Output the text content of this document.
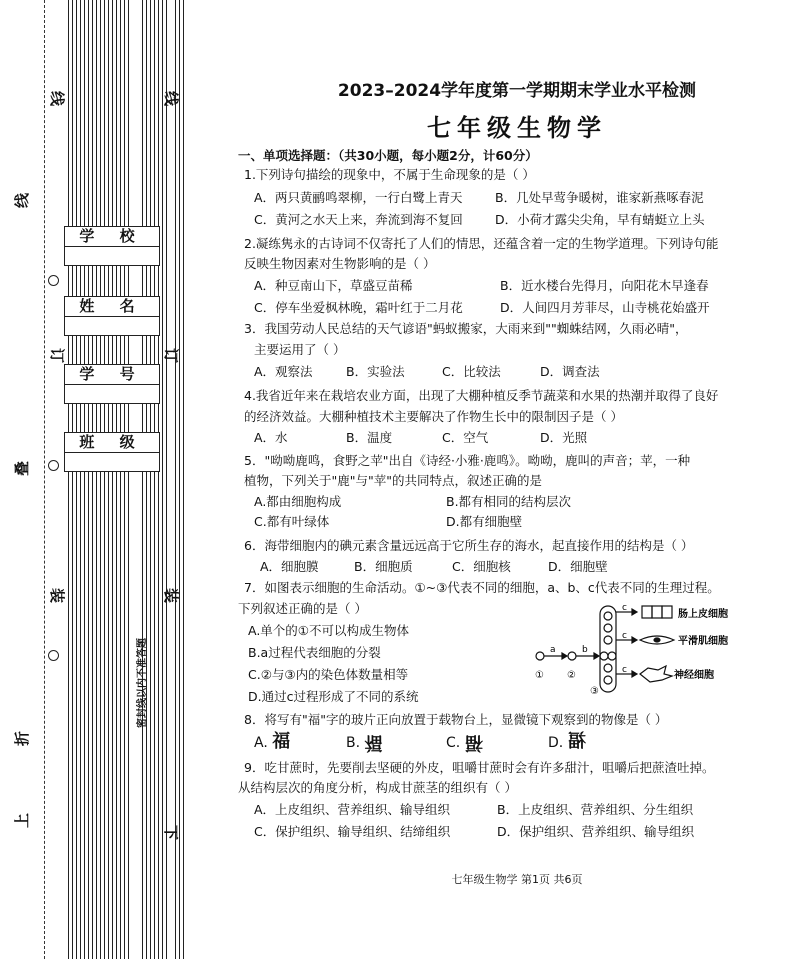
线
叠
折
上
线
订
装
线
订
装
下
学 校
姓 名
学 号
班 级
密封线以内不准答题
2023–2024学年度第一学期期末学业水平检测
七年级生物学
一、单项选择题：（共30小题，每小题2分，计60分）
1.下列诗句描绘的现象中，不属于生命现象的是（ ）
A．两只黄鹂鸣翠柳，一行白鹭上青天	B．几处早莺争暖树，谁家新燕啄春泥
C．黄河之水天上来，奔流到海不复回	D．小荷才露尖尖角，早有蜻蜓立上头
2.凝练隽永的古诗词不仅寄托了人们的情思，还蕴含着一定的生物学道理。下列诗句能
反映生物因素对生物影响的是（ ）
A．种豆南山下，草盛豆苗稀	B．近水楼台先得月，向阳花木早逢春
C．停车坐爱枫林晚，霜叶红于二月花	D．人间四月芳菲尽，山寺桃花始盛开
3．我国劳动人民总结的天气谚语"蚂蚁搬家，大雨来到""蜘蛛结网，久雨必晴"，
主要运用了（ ）
A．观察法	B．实验法	C．比较法	D．调查法
4.我省近年来在栽培农业方面，出现了大棚种植反季节蔬菜和水果的热潮并取得了良好
的经济效益。大棚种植技术主要解决了作物生长中的限制因子是（ ）
A．水	B．温度	C．空气	D．光照
5．"呦呦鹿鸣，食野之苹"出自《诗经·小雅·鹿鸣》。呦呦，鹿叫的声音；苹，一种
植物，下列关于"鹿"与"苹"的共同特点，叙述正确的是
A.都由细胞构成	B.都有相同的结构层次
C.都有叶绿体	D.都有细胞壁
6．海带细胞内的碘元素含量远远高于它所生存的海水，起直接作用的结构是（ ）
A．细胞膜	B．细胞质	C．细胞核	D．细胞壁
7．如图表示细胞的生命活动。①~③代表不同的细胞，a、b、c代表不同的生理过程。
下列叙述正确的是（ ）
A.单个的①不可以构成生物体
B.a过程代表细胞的分裂
C.②与③内的染色体数量相等
D.通过c过程形成了不同的系统
① ②
③
a	b
c
c
c
肠上皮细胞
平滑肌细胞
神经细胞
8．将写有"福"字的玻片正向放置于载物台上，显微镜下观察到的物像是（ ）
A. 福	B. 福	C. 福	D. 福
9．吃甘蔗时，先要削去坚硬的外皮，咀嚼甘蔗时会有许多甜汁，咀嚼后把蔗渣吐掉。
从结构层次的角度分析，构成甘蔗茎的组织有（ ）
A．上皮组织、营养组织、输导组织	B．上皮组织、营养组织、分生组织
C．保护组织、输导组织、结缔组织	D．保护组织、营养组织、输导组织
七年级生物学 第1页 共6页
